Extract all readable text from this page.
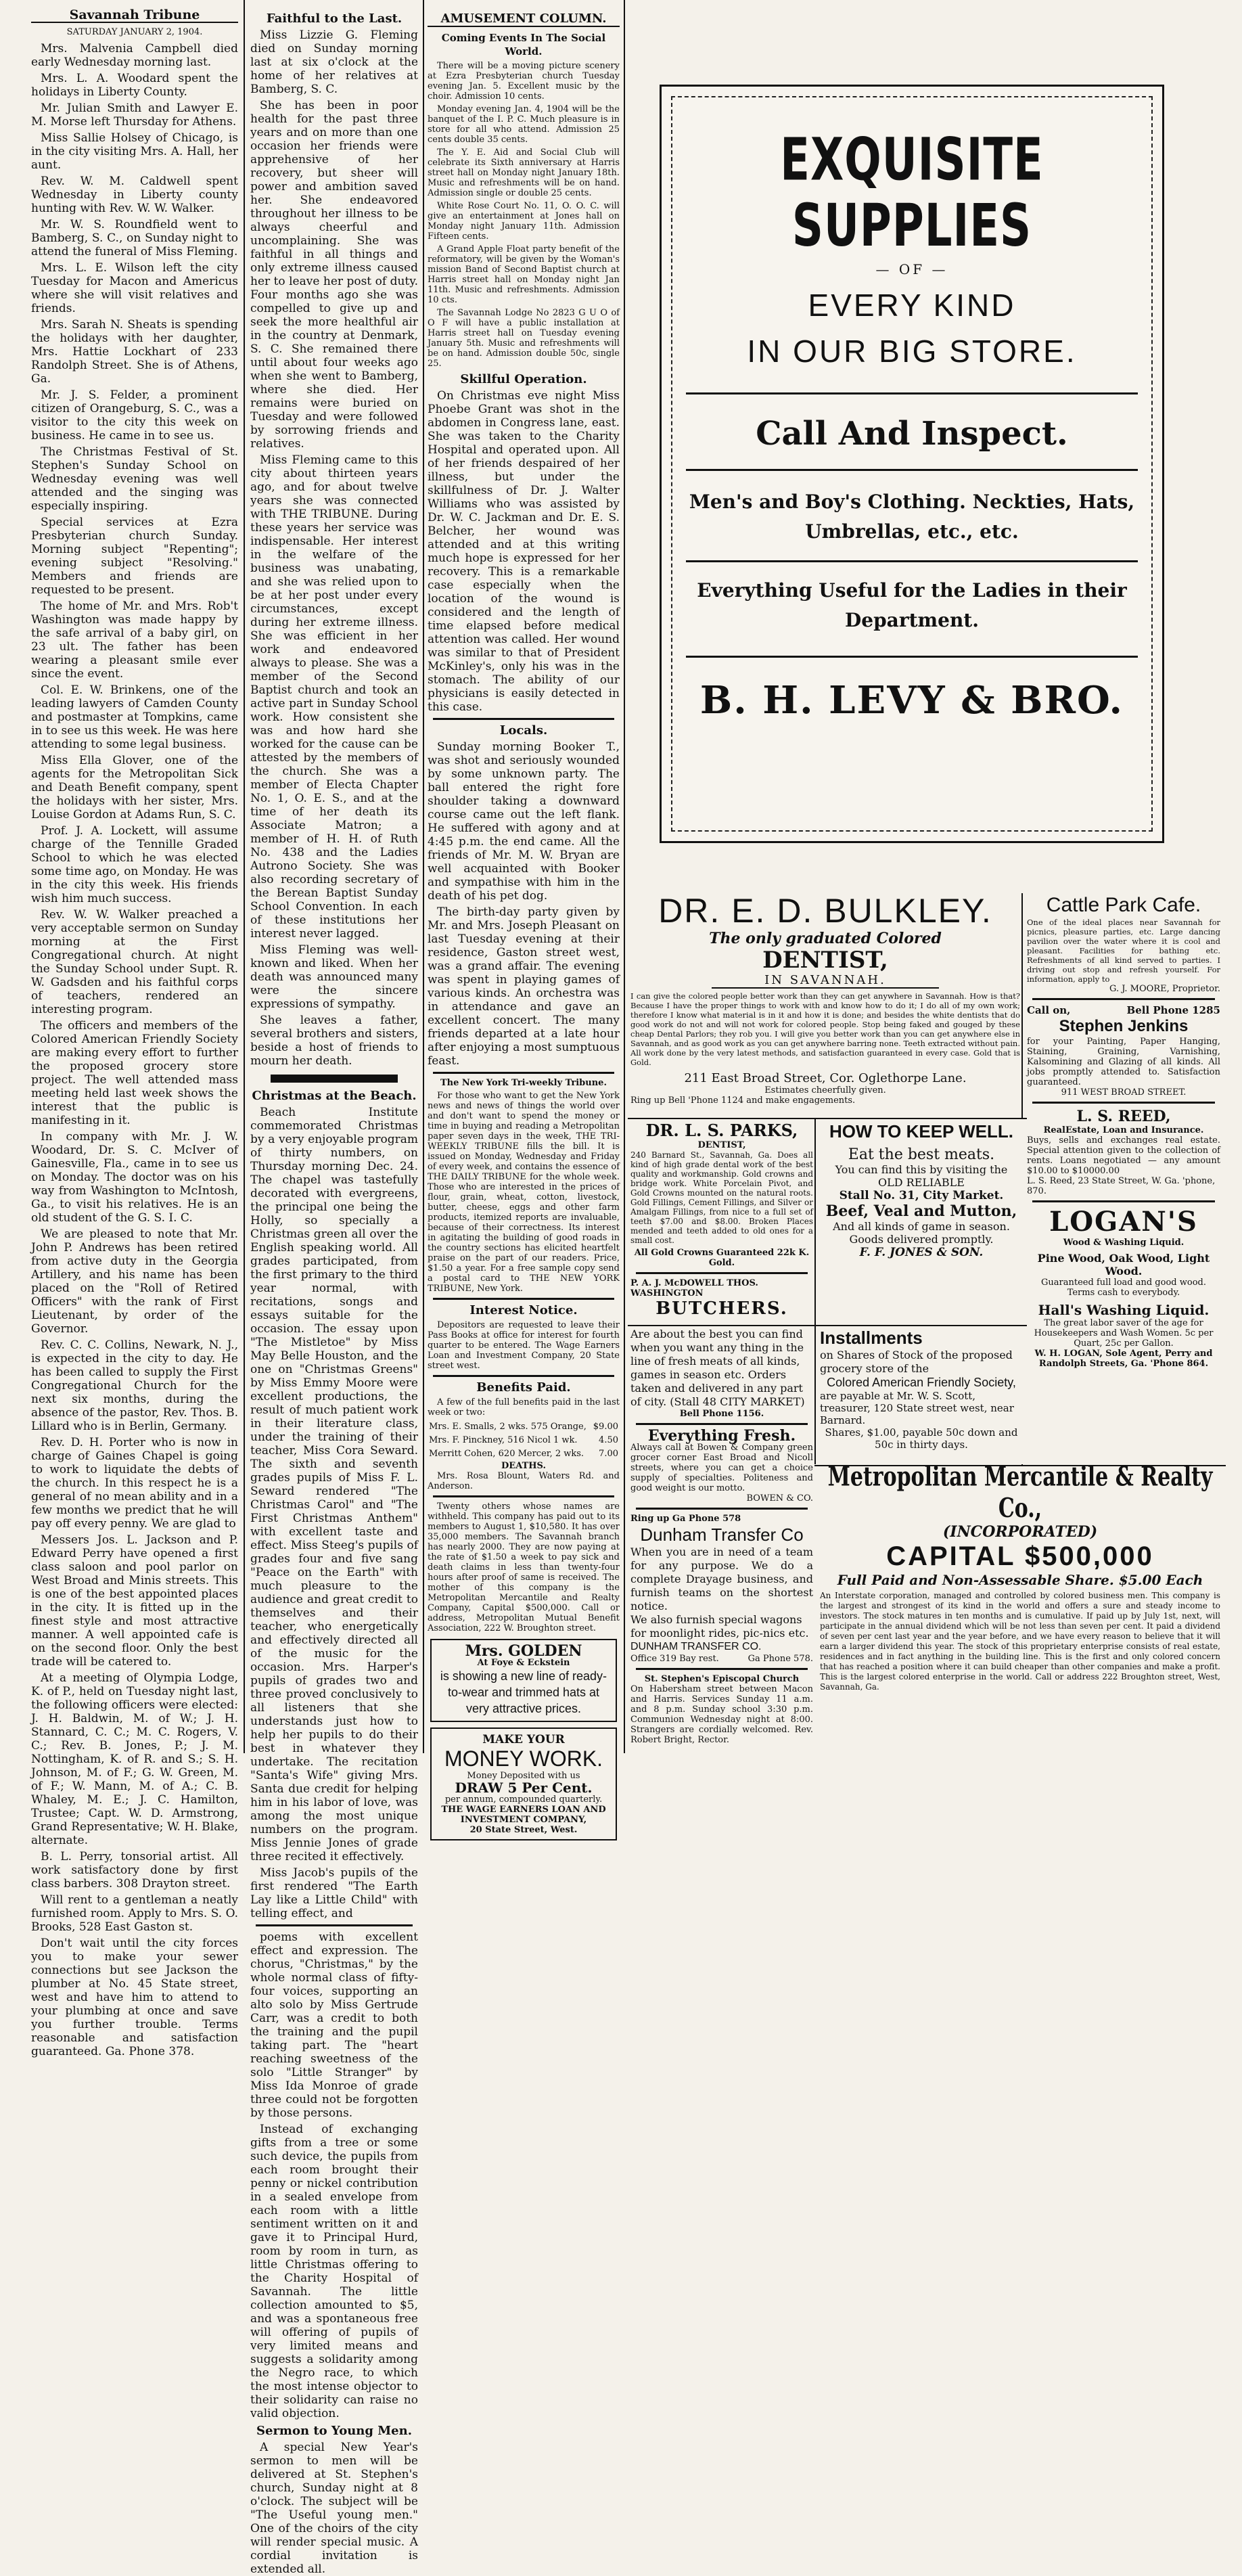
Savannah Tribune
SATURDAY JANUARY 2, 1904.

Mrs. Malvenia Campbell died early Wednesday morning last.

Mrs. L. A. Woodard spent the holidays in Liberty County.

Mr. Julian Smith and Lawyer E. M. Morse left Thursday for Athens.

Miss Sallie Holsey of Chicago, is in the city visiting Mrs. A. Hall, her aunt.

Rev. W. M. Caldwell spent Wednesday in Liberty county hunting with Rev. W. W. Walker.

Mr. W. S. Roundfield went to Bamberg, S. C., on Sunday night to attend the funeral of Miss Fleming.

Mrs. L. E. Wilson left the city Tuesday for Macon and Americus where she will visit relatives and friends.

Mrs. Sarah N. Sheats is spending the holidays with her daughter, Mrs. Hattie Lockhart of 233 Randolph Street. She is of Athens, Ga.

Mr. J. S. Felder, a prominent citizen of Orangeburg, S. C., was a visitor to the city this week on business. He came in to see us.

The Christmas Festival of St. Stephen's Sunday School on Wednesday evening was well attended and the singing was especially inspiring.

Special services at Ezra Presbyterian church Sunday. Morning subject "Repenting"; evening subject "Resolving." Members and friends are requested to be present.

The home of Mr. and Mrs. Rob't Washington was made happy by the safe arrival of a baby girl, on 23 ult. The father has been wearing a pleasant smile ever since the event.

Col. E. W. Brinkens, one of the leading lawyers of Camden County and postmaster at Tompkins, came in to see us this week. He was here attending to some legal business.

Miss Ella Glover, one of the agents for the Metropolitan Sick and Death Benefit company, spent the holidays with her sister, Mrs. Louise Gordon at Adams Run, S. C.

Prof. J. A. Lockett, will assume charge of the Tennille Graded School to which he was elected some time ago, on Monday. He was in the city this week. His friends wish him much success.

Rev. W. W. Walker preached a very acceptable sermon on Sunday morning at the First Congregational church. At night the Sunday School under Supt. R. W. Gadsden and his faithful corps of teachers, rendered an interesting program.

The officers and members of the Colored American Friendly Society are making every effort to further the proposed grocery store project. The well attended mass meeting held last week shows the interest that the public is manifesting in it.

In company with Mr. J. W. Woodard, Dr. S. C. McIver of Gainesville, Fla., came in to see us on Monday. The doctor was on his way from Washington to McIntosh, Ga., to visit his relatives. He is an old student of the G. S. I. C.

We are pleased to note that Mr. John P. Andrews has been retired from active duty in the Georgia Artillery, and his name has been placed on the "Roll of Retired Officers" with the rank of First Lieutenant, by order of the Governor.

Rev. C. C. Collins, Newark, N. J., is expected in the city to day. He has been called to supply the First Congregational Church for the next six months, during the absence of the pastor, Rev. Thos. B. Lillard who is in Berlin, Germany.

Rev. D. H. Porter who is now in charge of Gaines Chapel is going to work to liquidate the debts of the church. In this respect he is a general of no mean ability and in a few months we predict that he will pay off every penny. We are glad to

Messers Jos. L. Jackson and P. Edward Perry have opened a first class saloon and pool parlor on West Broad and Minis streets. This is one of the best appointed places in the city. It is fitted up in the finest style and most attractive manner. A well appointed cafe is on the second floor. Only the best trade will be catered to.

At a meeting of Olympia Lodge, K. of P., held on Tuesday night last, the following officers were elected: J. H. Baldwin, M. of W.; J. H. Stannard, C. C.; M. C. Rogers, V. C.; Rev. B. Jones, P.; J. M. Nottingham, K. of R. and S.; S. H. Johnson, M. of F.; G. W. Green, M. of F.; W. Mann, M. of A.; C. B. Whaley, M. E.; J. C. Hamilton, Trustee; Capt. W. D. Armstrong, Grand Representative; W. H. Blake, alternate.

B. L. Perry, tonsorial artist. All work satisfactory done by first class barbers. 308 Drayton street.

Will rent to a gentleman a neatly furnished room. Apply to Mrs. S. O. Brooks, 528 East Gaston st.

Don't wait until the city forces you to make your sewer connections but see Jackson the plumber at No. 45 State street, west and have him to attend to your plumbing at once and save you further trouble. Terms reasonable and satisfaction guaranteed. Ga. Phone 378.

Faithful to the Last.

Miss Lizzie G. Fleming died on Sunday morning last at six o'clock at the home of her relatives at Bamberg, S. C.

She has been in poor health for the past three years and on more than one occasion her friends were apprehensive of her recovery, but sheer will power and ambition saved her. She endeavored throughout her illness to be always cheerful and uncomplaining. She was faithful in all things and only extreme illness caused her to leave her post of duty. Four months ago she was compelled to give up and seek the more healthful air in the country at Denmark, S. C. She remained there until about four weeks ago when she went to Bamberg, where she died. Her remains were buried on Tuesday and were followed by sorrowing friends and relatives.

Miss Fleming came to this city about thirteen years ago, and for about twelve years she was connected with THE TRIBUNE. During these years her service was indispensable. Her interest in the welfare of the business was unabating, and she was relied upon to be at her post under every circumstances, except during her extreme illness. She was efficient in her work and endeavored always to please. She was a member of the Second Baptist church and took an active part in Sunday School work. How consistent she was and how hard she worked for the cause can be attested by the members of the church. She was a member of Electa Chapter No. 1, O. E. S., and at the time of her death its Associate Matron; a member of H. H. of Ruth No. 438 and the Ladies Autrono Society. She was also recording secretary of the Berean Baptist Sunday School Convention. In each of these institutions her interest never lagged.

Miss Fleming was well-known and liked. When her death was announced many were the sincere expressions of sympathy.

She leaves a father, several brothers and sisters, beside a host of friends to mourn her death.

Christmas at the Beach.

Beach Institute commemorated Christmas by a very enjoyable program of thirty numbers, on Thursday morning Dec. 24. The chapel was tastefully decorated with evergreens, the principal one being the Holly, so specially a Christmas green all over the English speaking world. All grades participated, from the first primary to the third year normal, with recitations, songs and essays suitable for the occasion. The essay upon "The Mistletoe" by Miss May Belle Houston, and the one on "Christmas Greens" by Miss Emmy Moore were excellent productions, the result of much patient work in their literature class, under the training of their teacher, Miss Cora Seward. The sixth and seventh grades pupils of Miss F. L. Seward rendered "The Christmas Carol" and "The First Christmas Anthem" with excellent taste and effect. Miss Steeg's pupils of grades four and five sang "Peace on the Earth" with much pleasure to the audience and great credit to themselves and their teacher, who energetically and effectively directed all of the music for the occasion. Mrs. Harper's pupils of grades two and three proved conclusively to all listeners that she understands just how to help her pupils to do their best in whatever they undertake. The recitation "Santa's Wife" giving Mrs. Santa due credit for helping him in his labor of love, was among the most unique numbers on the program. Miss Jennie Jones of grade three recited it effectively.

Miss Jacob's pupils of the first rendered "The Earth Lay like a Little Child" with telling effect, and

poems with excellent effect and expression. The chorus, "Christmas," by the whole normal class of fifty-four voices, supporting an alto solo by Miss Gertrude Carr, was a credit to both the training and the pupil taking part. The "heart reaching sweetness of the solo "Little Stranger" by Miss Ida Monroe of grade three could not be forgotten by those persons.

Instead of exchanging gifts from a tree or some such device, the pupils from each room brought their penny or nickel contribution in a sealed envelope from each room with a little sentiment written on it and gave it to Principal Hurd, room by room in turn, as little Christmas offering to the Charity Hospital of Savannah. The little collection amounted to $5, and was a spontaneous free will offering of pupils of very limited means and suggests a solidarity among the Negro race, to which the most intense objector to their solidarity can raise no valid objection.

Sermon to Young Men.

A special New Year's sermon to men will be delivered at St. Stephen's church, Sunday night at 8 o'clock. The subject will be "The Useful young men." One of the choirs of the city will render special music. A cordial invitation is extended all.

AMUSEMENT COLUMN.
Coming Events In The Social World.

There will be a moving picture scenery at Ezra Presbyterian church Tuesday evening Jan. 5. Excellent music by the choir. Admission 10 cents.

Monday evening Jan. 4, 1904 will be the banquet of the I. P. C. Much pleasure is in store for all who attend. Admission 25 cents double 35 cents.

The Y. E. Aid and Social Club will celebrate its Sixth anniversary at Harris street hall on Monday night January 18th. Music and refreshments will be on hand. Admission single or double 25 cents.

White Rose Court No. 11, O. O. C. will give an entertainment at Jones hall on Monday night January 11th. Admission Fifteen cents.

A Grand Apple Float party benefit of the reformatory, will be given by the Woman's mission Band of Second Baptist church at Harris street hall on Monday night Jan 11th. Music and refreshments. Admission 10 cts.

The Savannah Lodge No 2823 G U O of O F will have a public installation at Harris street hall on Tuesday evening January 5th. Music and refreshments will be on hand. Admission double 50c, single 25.

Skillful Operation.

On Christmas eve night Miss Phoebe Grant was shot in the abdomen in Congress lane, east. She was taken to the Charity Hospital and operated upon. All of her friends despaired of her illness, but under the skillfulness of Dr. J. Walter Williams who was assisted by Dr. W. C. Jackman and Dr. E. S. Belcher, her wound was attended and at this writing much hope is expressed for her recovery. This is a remarkable case especially when the location of the wound is considered and the length of time elapsed before medical attention was called. Her wound was similar to that of President McKinley's, only his was in the stomach. The ability of our physicians is easily detected in this case.

Locals.

Sunday morning Booker T., was shot and seriously wounded by some unknown party. The ball entered the right fore shoulder taking a downward course came out the left flank. He suffered with agony and at 4:45 p.m. the end came. All the friends of Mr. M. W. Bryan are well acquainted with Booker and sympathise with him in the death of his pet dog.

The birth-day party given by Mr. and Mrs. Joseph Pleasant on last Tuesday evening at their residence, Gaston street west, was a grand affair. The evening was spent in playing games of various kinds. An orchestra was in attendance and gave an excellent concert. The many friends departed at a late hour after enjoying a most sumptuous feast.

The New York Tri-weekly Tribune.

For those who want to get the New York news and news of things the world over and don't want to spend the money or time in buying and reading a Metropolitan paper seven days in the week, THE TRI-WEEKLY TRIBUNE fills the bill. It is issued on Monday, Wednesday and Friday of every week, and contains the essence of THE DAILY TRIBUNE for the whole week. Those who are interested in the prices of flour, grain, wheat, cotton, livestock, butter, cheese, eggs and other farm products, itemized reports are invaluable, because of their correctness. Its interest in agitating the building of good roads in the country sections has elicited heartfelt praise on the part of our readers. Price, $1.50 a year. For a free sample copy send a postal card to THE NEW YORK TRIBUNE, New York.

Interest Notice.

Depositors are requested to leave their Pass Books at office for interest for fourth quarter to be entered. The Wage Earners Loan and Investment Company, 20 State street west.

Benefits Paid.

A few of the full benefits paid in the last week or two:

Mrs. E. Smalls, 2 wks. 575 Orange,	$9.00
Mrs. F. Pinckney, 516 Nicol 1 wk.	4.50
Merritt Cohen, 620 Mercer, 2 wks.	7.00
DEATHS.

Mrs. Rosa Blount, Waters Rd. and Anderson.

Twenty others whose names are withheld. This company has paid out to its members to August 1, $10,580. It has over 35,000 members. The Savannah branch has nearly 2000. They are now paying at the rate of $1.50 a week to pay sick and death claims in less than twenty-four hours after proof of same is received. The mother of this company is the Metropolitan Mercantile and Realty Company, Capital $500,000. Call or address, Metropolitan Mutual Benefit Association, 222 W. Broughton street.

Mrs. GOLDEN
At Foye & Eckstein
is showing a new line of ready-to-wear and trimmed hats at very attractive prices.
MAKE YOUR
MONEY WORK.
Money Deposited with us
DRAW 5 Per Cent.
per annum, compounded quarterly.
THE WAGE EARNERS LOAN AND INVESTMENT COMPANY,
20 State Street, West.
EXQUISITE SUPPLIES
— OF —
EVERY KIND
IN OUR BIG STORE.
Call And Inspect.
Men's and Boy's Clothing. Neckties, Hats, Umbrellas, etc., etc.
Everything Useful for the Ladies in their Department.
B. H. LEVY & BRO.
DR. E. D. BULKLEY.
The only graduated Colored
DENTIST,
IN SAVANNAH.
I can give the colored people better work than they can get anywhere in Savannah. How is that? Because I have the proper things to work with and know how to do it; I do all of my own work; therefore I know what material is in it and how it is done; and besides the white dentists that do good work do not and will not work for colored people. Stop being faked and gouged by these cheap Dental Parlors; they rob you. I will give you better work than you can get anywhere else in Savannah, and as good work as you can get anywhere barring none. Teeth extracted without pain. All work done by the very latest methods, and satisfaction guaranteed in every case. Gold that is Gold.
211 East Broad Street, Cor. Oglethorpe Lane.
Estimates cheerfully given.
Ring up Bell 'Phone 1124 and make engagements.
Cattle Park Cafe.
One of the ideal places near Savannah for picnics, pleasure parties, etc. Large dancing pavilion over the water where it is cool and pleasant. Facilities for bathing etc. Refreshments of all kind served to parties. I driving out stop and refresh yourself. For information, apply to
G. J. MOORE, Proprietor.
Call on,	Bell Phone 1285
Stephen Jenkins
for your Painting, Paper Hanging, Staining, Graining, Varnishing, Kalsomining and Glazing of all kinds. All jobs promptly attended to. Satisfaction guaranteed.
911 WEST BROAD STREET.
L. S. REED,
RealEstate, Loan and Insurance.
Buys, sells and exchanges real estate. Special attention given to the collection of rents. Loans negotiated — any amount $10.00 to $10000.00
L. S. Reed, 23 State Street, W. Ga. 'phone, 870.
LOGAN'S
Wood & Washing Liquid.
Pine Wood, Oak Wood, Light Wood.
Guaranteed full load and good wood. Terms cash to everybody.
Hall's Washing Liquid.
The great labor saver of the age for Housekeepers and Wash Women. 5c per Quart, 25c per Gallon.
W. H. LOGAN, Sole Agent, Perry and Randolph Streets, Ga. 'Phone 864.
DR. L. S. PARKS,
DENTIST,
240 Barnard St., Savannah, Ga. Does all kind of high grade dental work of the best quality and workmanship. Gold crowns and bridge work. White Porcelain Pivot, and Gold Crowns mounted on the natural roots. Gold Fillings, Cement Fillings, and Silver or Amalgam Fillings, from nice to a full set of teeth $7.00 and $8.00. Broken Places mended and teeth added to old ones for a small cost.
All Gold Crowns Guaranteed 22k K. Gold.
P. A. J. McDOWELL THOS. WASHINGTON
BUTCHERS.
HOW TO KEEP WELL.
Eat the best meats.
You can find this by visiting the
OLD RELIABLE
Stall No. 31, City Market.
Beef, Veal and Mutton,
And all kinds of game in season. Goods delivered promptly.
F. F. JONES & SON.
Are about the best you can find when you want any thing in the line of fresh meats of all kinds, games in season etc. Orders taken and delivered in any part of city. (Stall 48 CITY MARKET)
Bell Phone 1156.
Everything Fresh.
Always call at Bowen & Company green grocer corner East Broad and Nicoll streets, where you can get a choice supply of specialties. Politeness and good weight is our motto.
BOWEN & CO.
Ring up Ga Phone 578
Dunham Transfer Co
When you are in need of a team for any purpose. We do a complete Drayage business, and furnish teams on the shortest notice.
We also furnish special wagons for moonlight rides, pic-nics etc.
DUNHAM TRANSFER CO.
Office 319 Bay rest.	Ga Phone 578.
St. Stephen's Episcopal Church
On Habersham street between Macon and Harris. Services Sunday 11 a.m. and 8 p.m. Sunday school 3:30 p.m. Communion Wednesday night at 8:00. Strangers are cordially welcomed. Rev. Robert Bright, Rector.
Installments
on Shares of Stock of the proposed grocery store of the
Colored American Friendly Society,
are payable at Mr. W. S. Scott, treasurer, 120 State street west, near Barnard.
Shares, $1.00, payable 50c down and 50c in thirty days.
Metropolitan Mercantile & Realty Co.,
(INCORPORATED)
CAPITAL $500,000
Full Paid and Non-Assessable Share. $5.00 Each
An Interstate corporation, managed and controlled by colored business men. This company is the largest and strongest of its kind in the world and offers a sure and steady income to investors. The stock matures in ten months and is cumulative. If paid up by July 1st, next, will participate in the annual dividend which will be not less than seven per cent. It paid a dividend of seven per cent last year and the year before, and we have every reason to believe that it will earn a larger dividend this year. The stock of this proprietary enterprise consists of real estate, residences and in fact anything in the building line. This is the first and only colored concern that has reached a position where it can build cheaper than other companies and make a profit. This is the largest colored enterprise in the world. Call or address 222 Broughton street, West, Savannah, Ga.
